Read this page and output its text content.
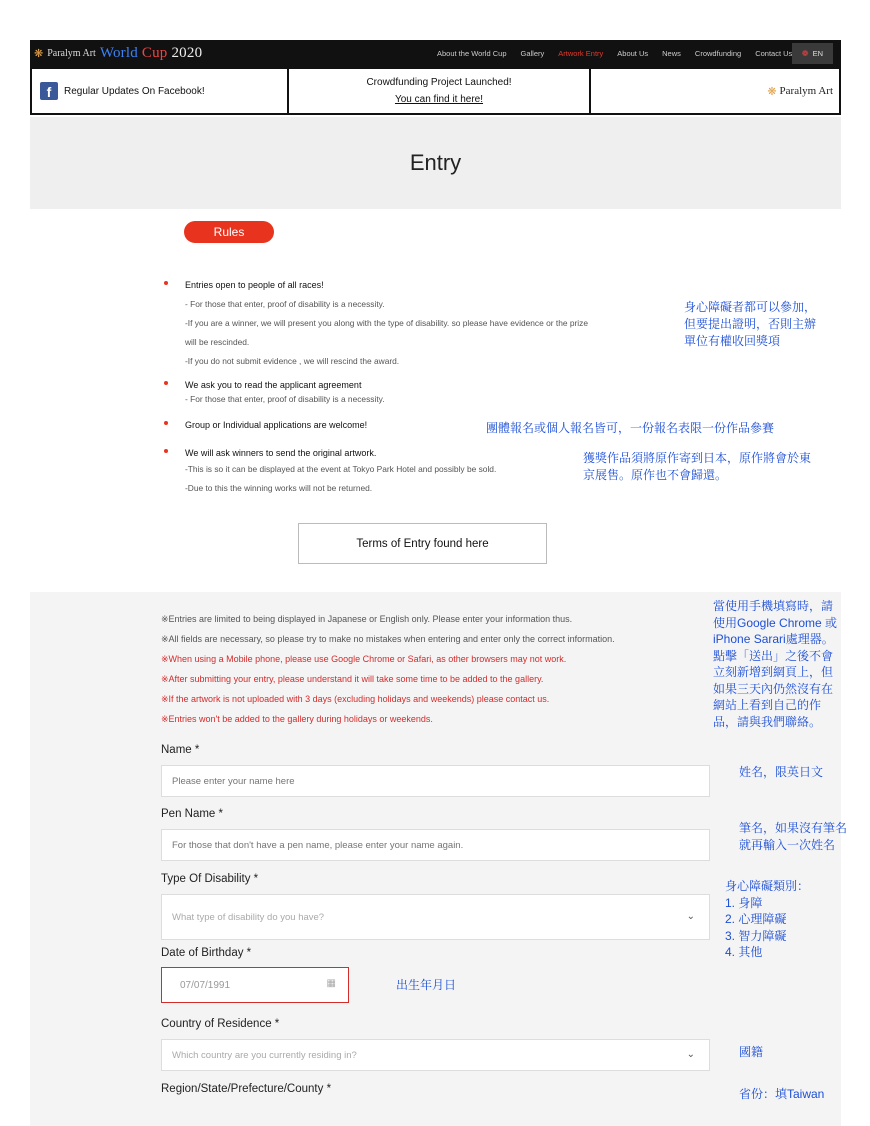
❋ Paralym Art World Cup 2020	About the World Cup	Gallery	Artwork Entry	About Us	News	Crowdfunding	Contact Us	❁ EN
f	Regular Updates On Facebook!
Crowdfunding Project Launched!
You can find it here!
❋ Paralym Art
Entry
Rules
Entries open to people of all races!

- For those that enter, proof of disability is a necessity.

-If you are a winner, we will present you along with the type of disability. so please have evidence or the prize

will be rescinded.

-If you do not submit evidence , we will rescind the award.

We ask you to read the applicant agreement

- For those that enter, proof of disability is a necessity.

Group or Individual applications are welcome!
We will ask winners to send the original artwork.

-This is so it can be displayed at the event at Tokyo Park Hotel and possibly be sold.

-Due to this the winning works will not be returned.

身心障礙者都可以參加，
但要提出證明，否則主辦
單位有權收回獎項
團體報名或個人報名皆可，一份報名表限一份作品參賽
獲獎作品須將原作寄到日本，原作將會於東
京展售。原作也不會歸還。
Terms of Entry found here
※Entries are limited to being displayed in Japanese or English only. Please enter your information thus.
※All fields are necessary, so please try to make no mistakes when entering and enter only the correct information.
※When using a Mobile phone, please use Google Chrome or Safari, as other browsers may not work.
※After submitting your entry, please understand it will take some time to be added to the gallery.
※If the artwork is not uploaded with 3 days (excluding holidays and weekends) please contact us.
※Entries won't be added to the gallery during holidays or weekends.
當使用手機填寫時，請
使用Google Chrome 或
iPhone Sarari處理器。
點擊「送出」之後不會
立刻新增到網頁上，但
如果三天內仍然沒有在
網站上看到自己的作
品，請與我們聯絡。
Name *
Please enter your name here
姓名，限英日文
Pen Name *
For those that don't have a pen name, please enter your name again.
筆名，如果沒有筆名
就再輸入一次姓名
Type Of Disability *
What type of disability do you have?	⌄
身心障礙類別：
1. 身障
2. 心理障礙
3. 智力障礙
4. 其他
Date of Birthday *
07/07/1991	▦	出生年月日
Country of Residence *
Which country are you currently residing in?	⌄	國籍
Region/State/Prefecture/County *	省份：填Taiwan
